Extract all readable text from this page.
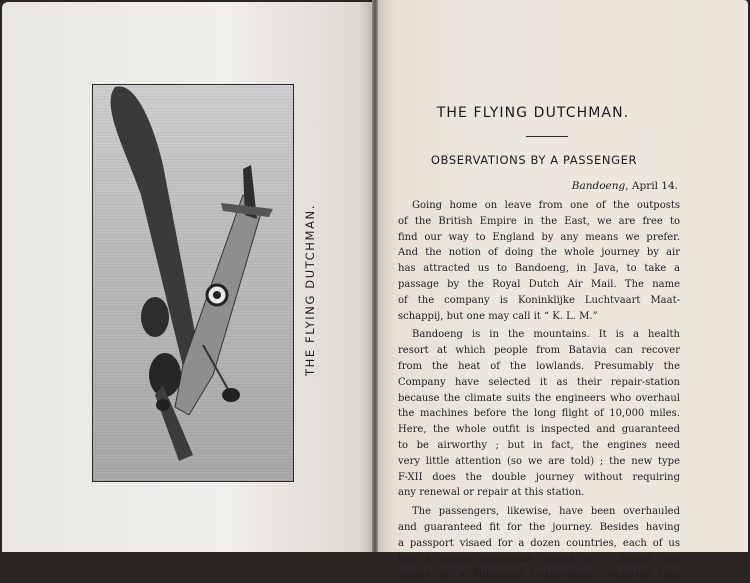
THE FLYING DUTCHMAN.
THE FLYING DUTCHMAN.
OBSERVATIONS BY A PASSENGER
Bandoeng, April 14.
Going home on leave from one of the outposts
of the British Empire in the East, we are free to
find our way to England by any means we prefer.
And the notion of doing the whole journey by air
has attracted us to Bandoeng, in Java, to take a
passage by the Royal Dutch Air Mail. The name
of the company is Koninklijke Luchtvaart Maat-
schappij, but one may call it “ K. L. M.”
Bandoeng is in the mountains. It is a health
resort at which people from Batavia can recover
from the heat of the lowlands. Presumably the
Company have selected it as their repair-station
because the climate suits the engineers who overhaul
the machines before the long flight of 10,000 miles.
Here, the whole outfit is inspected and guaranteed
to be airworthy ; but in fact, the engines need
very little attention (so we are told) ; the new type
F-XII does the double journey without requiring
any renewal or repair at this station.
The passengers, likewise, have been overhauled
and guaranteed fit for the journey. Besides having
a passport visaed for a dozen countries, each of us
has a health certificate signed by a doctor and
sealed by a Municipal Corporation, declaring that
